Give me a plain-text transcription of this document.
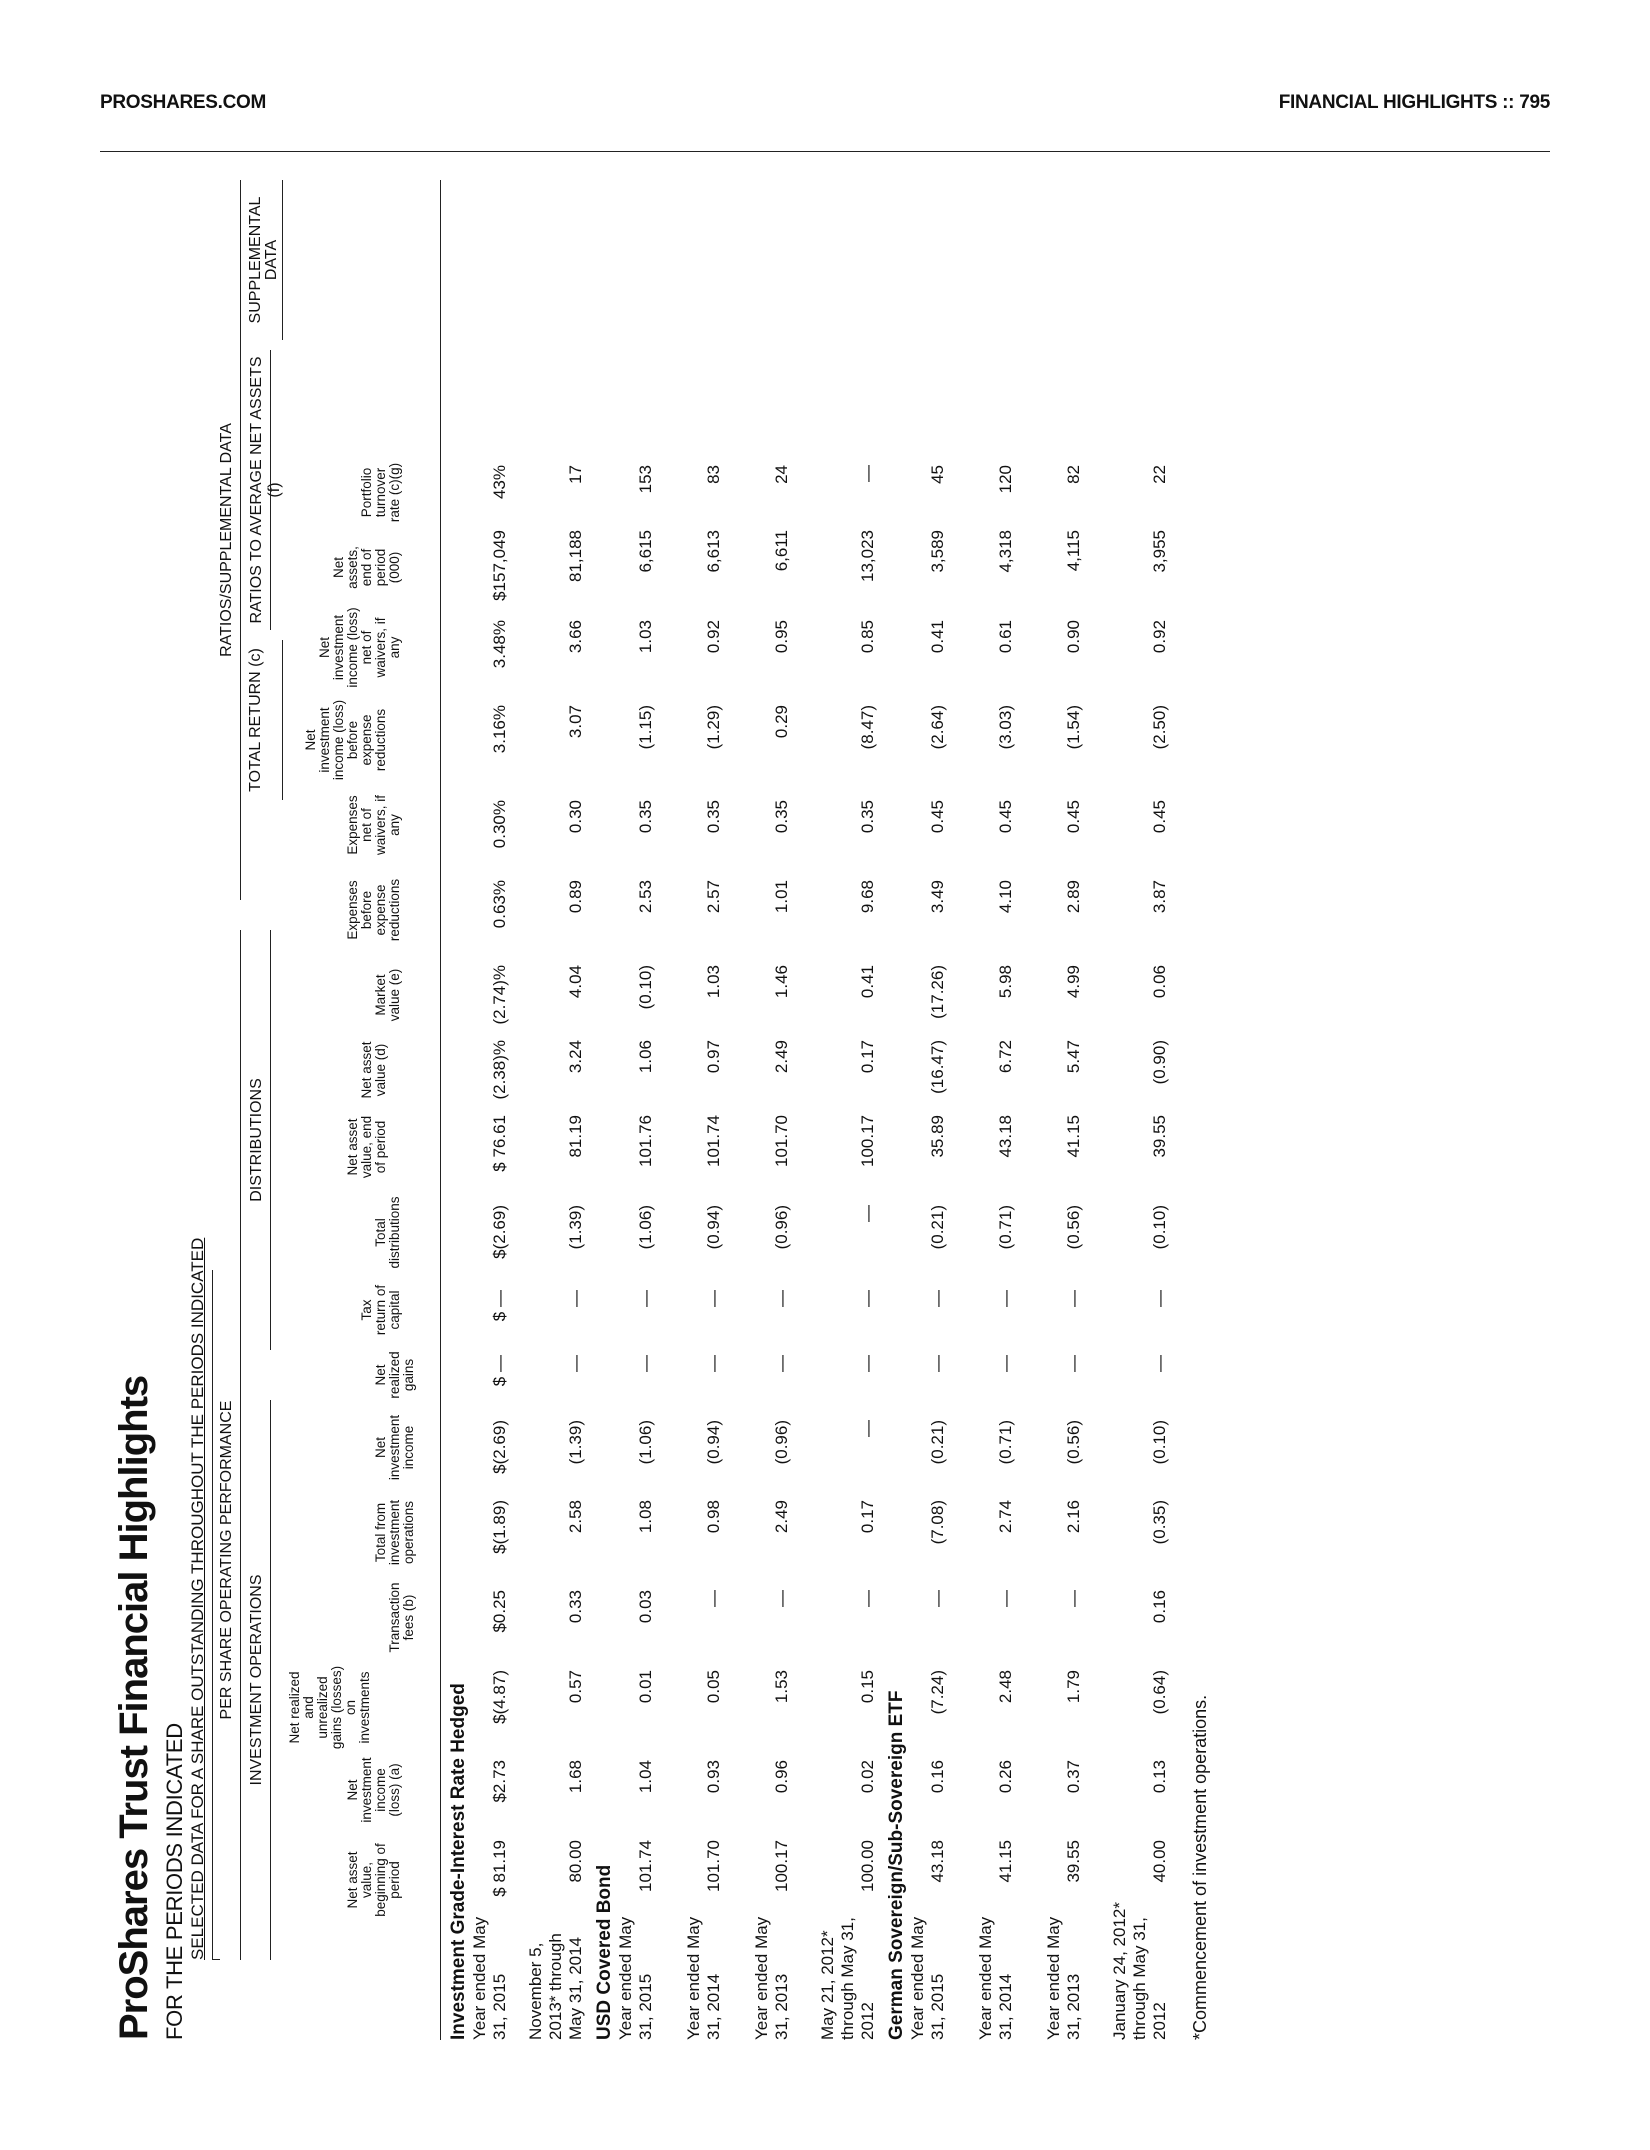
PROSHARES.COM	FINANCIAL HIGHLIGHTS :: 795
ProShares Trust Financial Highlights FOR THE PERIODS INDICATED SELECTED DATA FOR A SHARE OUTSTANDING THROUGHOUT THE PERIODS INDICATED PER SHARE OPERATING PERFORMANCE INVESTMENT OPERATIONS
DISTRIBUTIONS
RATIOS/SUPPLEMENTAL DATA
TOTAL RETURN (c)
RATIOS TO AVERAGE NET ASSETS (f)
SUPPLEMENTAL DATA
Net asset value, beginning of period
Net investment income (loss) (a)
Net realized and unrealized gains (losses) on investments
Transaction fees (b)
Total from investment operations
Net investment income
Net realized gains
Tax return of capital
Total distributions
Net asset value, end of period
Net asset value (d)
Market value (e)
Expenses before expense reductions
Expenses net of waivers, if any
Net investment income (loss) before expense reductions
Net investment income (loss) net of waivers, if any
Net assets, end of period (000)
Portfolio turnover rate (c)(g)
Investment Grade-Interest Rate Hedged Year ended May 31, 2015
$ 81.19
$2.73
$(4.87)
$0.25
$(1.89)
$(2.69)
$ —
$ —
$(2.69)
$ 76.61
(2.38)%
(2.74)%
0.63%
0.30%
3.16%
3.48%
$157,049
43%
November 5, 2013* through May 31, 2014
80.00
1.68
0.57
0.33
2.58
(1.39)
—
—
(1.39)
81.19
3.24
4.04
0.89
0.30
3.07
3.66
81,188
17
USD Covered Bond Year ended May 31, 2015
101.74
1.04
0.01
0.03
1.08
(1.06)
—
—
(1.06)
101.76
1.06
(0.10)
2.53
0.35
(1.15)
1.03
6,615
153
Year ended May 31, 2014
101.70
0.93
0.05
—
0.98
(0.94)
—
—
(0.94)
101.74
0.97
1.03
2.57
0.35
(1.29)
0.92
6,613
83
Year ended May 31, 2013
100.17
0.96
1.53
—
2.49
(0.96)
—
—
(0.96)
101.70
2.49
1.46
1.01
0.35
0.29
0.95
6,611
24
May 21, 2012* through May 31, 2012
100.00
0.02
0.15
—
0.17
—
—
—
—
100.17
0.17
0.41
9.68
0.35
(8.47)
0.85
13,023
—
German Sovereign/Sub-Sovereign ETF Year ended May 31, 2015
43.18
0.16
(7.24)
—
(7.08)
(0.21)
—
—
(0.21)
35.89
(16.47)
(17.26)
3.49
0.45
(2.64)
0.41
3,589
45
Year ended May 31, 2014
41.15
0.26
2.48
—
2.74
(0.71)
—
—
(0.71)
43.18
6.72
5.98
4.10
0.45
(3.03)
0.61
4,318
120
Year ended May 31, 2013
39.55
0.37
1.79
—
2.16
(0.56)
—
—
(0.56)
41.15
5.47
4.99
2.89
0.45
(1.54)
0.90
4,115
82
January 24, 2012* through May 31, 2012
40.00
0.13
(0.64)
0.16
(0.35)
(0.10)
—
—
(0.10)
39.55
(0.90)
0.06
3.87
0.45
(2.50)
0.92
3,955
22
*Commencement of investment operations.
